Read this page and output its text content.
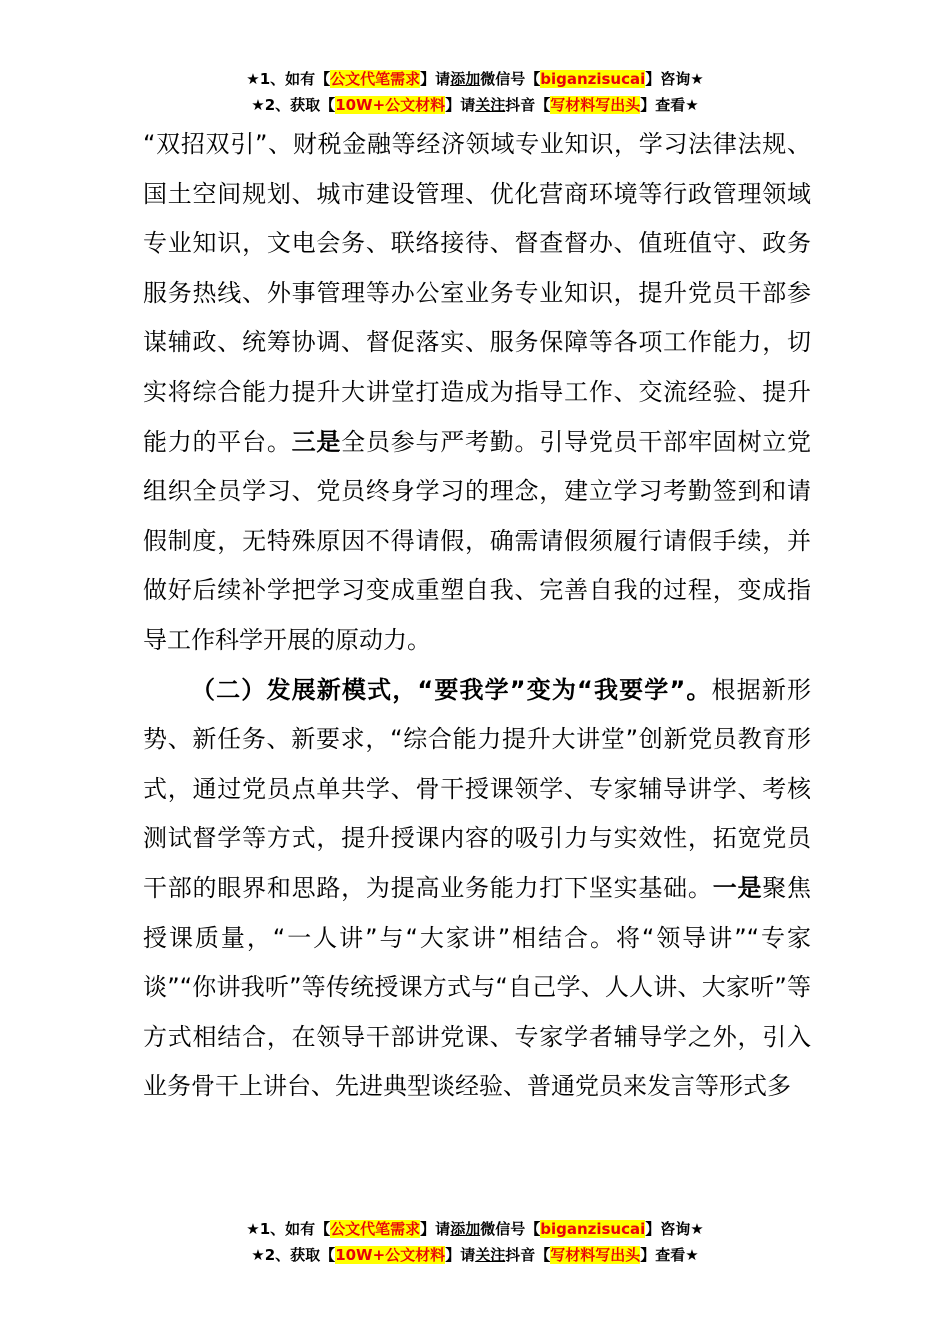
★1、如有【公文代笔需求】请添加微信号【biganzisucai】咨询★
★2、获取【10W+公文材料】请关注抖音【写材料写出头】查看★

“双招双引”、财税金融等经济领域专业知识，学习法律法规、国土空间规划、城市建设管理、优化营商环境等行政管理领域专业知识，文电会务、联络接待、督查督办、值班值守、政务服务热线、外事管理等办公室业务专业知识，提升党员干部参谋辅政、统筹协调、督促落实、服务保障等各项工作能力，切实将综合能力提升大讲堂打造成为指导工作、交流经验、提升能力的平台。三是全员参与严考勤。引导党员干部牢固树立党组织全员学习、党员终身学习的理念，建立学习考勤签到和请假制度，无特殊原因不得请假，确需请假须履行请假手续，并做好后续补学把学习变成重塑自我、完善自我的过程，变成指导工作科学开展的原动力。

（二）发展新模式，“要我学”变为“我要学”。根据新形势、新任务、新要求，“综合能力提升大讲堂”创新党员教育形式，通过党员点单共学、骨干授课领学、专家辅导讲学、考核测试督学等方式，提升授课内容的吸引力与实效性，拓宽党员干部的眼界和思路，为提高业务能力打下坚实基础。一是聚焦授课质量，“一人讲”与“大家讲”相结合。将“领导讲”“专家谈”“你讲我听”等传统授课方式与“自己学、人人讲、大家听”等方式相结合，在领导干部讲党课、专家学者辅导学之外，引入业务骨干上讲台、先进典型谈经验、普通党员来发言等形式多

★1、如有【公文代笔需求】请添加微信号【biganzisucai】咨询★
★2、获取【10W+公文材料】请关注抖音【写材料写出头】查看★
